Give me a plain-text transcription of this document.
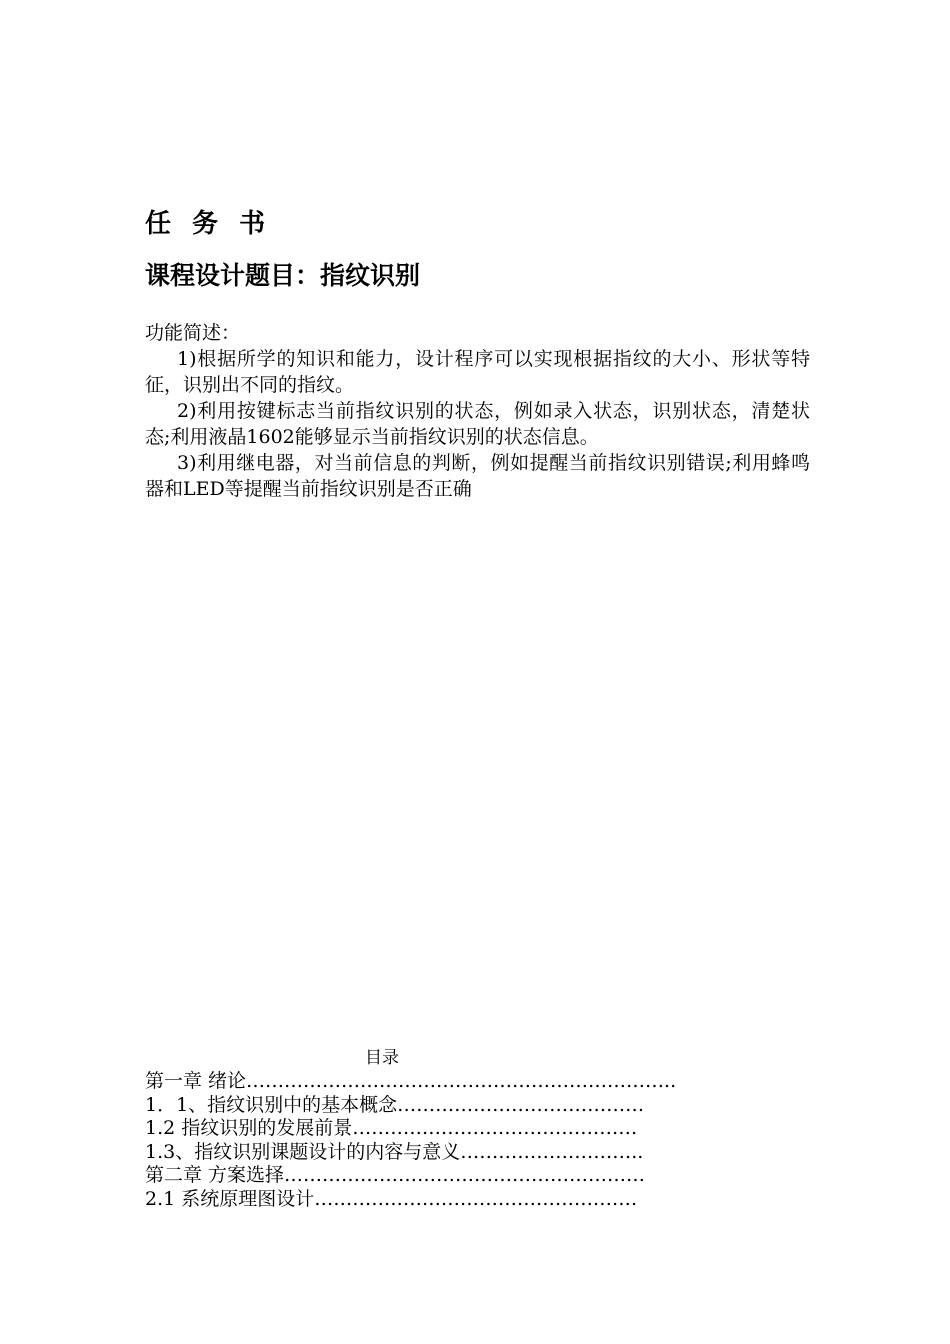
任 务 书
课程设计题目：指纹识别

功能简述：

1)根据所学的知识和能力，设计程序可以实现根据指纹的大小、形状等特征，识别出不同的指纹。

2)利用按键标志当前指纹识别的状态，例如录入状态，识别状态，清楚状态;利用液晶1602能够显示当前指纹识别的状态信息。

3)利用继电器，对当前信息的判断，例如提醒当前指纹识别错误;利用蜂鸣器和LED等提醒当前指纹识别是否正确

目录
第一章 绪论…………………………………………………………..
1．1、指纹识别中的基本概念…………………………………
1.2 指纹识别的发展前景………………………………………
1.3、指纹识别课题设计的内容与意义………………………..
第二章 方案选择…………………………………………………
2.1 系统原理图设计……………………………………………
